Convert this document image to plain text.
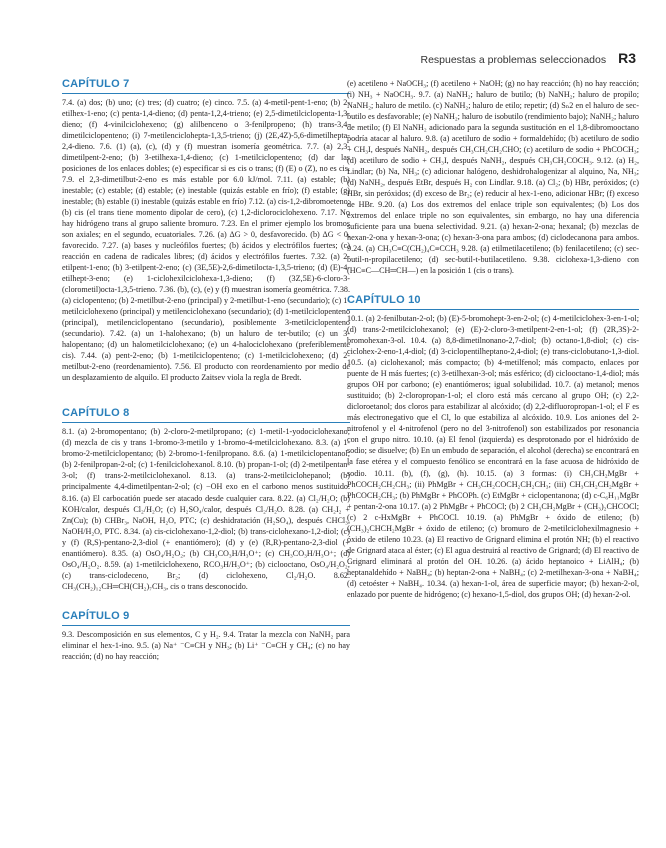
Respuestas a problemas seleccionados R3
CAPÍTULO 7

7.4. (a) dos; (b) uno; (c) tres; (d) cuatro; (e) cinco. 7.5. (a) 4-metil-pent-1-eno; (b) 2-etilhex-1-eno; (c) penta-1,4-dieno; (d) penta-1,2,4-trieno; (e) 2,5-dimetilciclopenta-1,3-dieno; (f) 4-vinilciclohexeno; (g) alilbenceno o 3-fenilpropeno; (h) trans-3,4-dimetilciclopenteno; (i) 7-metilenciclohepta-1,3,5-trieno; (j) (2E,4Z)-5,6-dimetilhepta-2,4-dieno. 7.6. (1) (a), (c), (d) y (f) muestran isomería geométrica. 7.7. (a) 2,3-dimetilpent-2-eno; (b) 3-etilhexa-1,4-dieno; (c) 1-metilciclopenteno; (d) dar las posiciones de los enlaces dobles; (e) especificar si es cis o trans; (f) (E) o (Z), no es cis. 7.9. el 2,3-dimetilbut-2-eno es más estable por 6.0 kJ/mol. 7.11. (a) estable; (b) inestable; (c) estable; (d) estable; (e) inestable (quizás estable en frío); (f) estable; (g) inestable; (h) estable (i) inestable (quizás estable en frío) 7.12. (a) cis-1,2-dibromoeteno; (b) cis (el trans tiene momento dipolar de cero), (c) 1,2-diclorociclohexeno. 7.17. No hay hidrógeno trans al grupo saliente bromuro. 7.23. En el primer ejemplo los bromos son axiales; en el segundo, ecuatoriales. 7.26. (a) ΔG > 0, desfavorecido. (b) ΔG < 0, favorecido. 7.27. (a) bases y nucleófilos fuertes; (b) ácidos y electrófilos fuertes; (c) reacción en cadena de radicales libres; (d) ácidos y electrófilos fuertes. 7.32. (a) 2-etilpent-1-eno; (b) 3-etilpent-2-eno; (c) (3E,5E)-2,6-dimetilocta-1,3,5-trieno; (d) (E)-4-etilhept-3-eno; (e) 1-ciclohexilciclohexa-1,3-dieno; (f) (3Z,5E)-6-cloro-3-(clorometil)octa-1,3,5-trieno. 7.36. (b), (c), (e) y (f) muestran isomería geométrica. 7.38. (a) ciclopenteno; (b) 2-metilbut-2-eno (principal) y 2-metilbut-1-eno (secundario); (c) 1-metilciclohexeno (principal) y metilenciclohexano (secundario); (d) 1-metilciclopenteno (principal), metilenciclopentano (secundario), posiblemente 3-metilciclopenteno (secundario). 7.42. (a) un 1-halohexano; (b) un haluro de ter-butilo; (c) un 3-halopentano; (d) un halometilciclohexano; (e) un 4-halociclohexano (preferiblemente cis). 7.44. (a) pent-2-eno; (b) 1-metilciclopenteno; (c) 1-metilciclohexeno; (d) 2-metilbut-2-eno (reordenamiento). 7.56. El producto con reordenamiento por medio de un desplazamiento de alquilo. El producto Zaitsev viola la regla de Bredt.

CAPÍTULO 8

8.1. (a) 2-bromopentano; (b) 2-cloro-2-metilpropano; (c) 1-metil-1-yodociclohexano; (d) mezcla de cis y trans 1-bromo-3-metilo y 1-bromo-4-metilciclohexano. 8.3. (a) 1-bromo-2-metilciclopentano; (b) 2-bromo-1-fenilpropano. 8.6. (a) 1-metilciclopentanol; (b) 2-fenilpropan-2-ol; (c) 1-fenilciclohexanol. 8.10. (b) propan-1-ol; (d) 2-metilpentan-3-ol; (f) trans-2-metilciclohexanol. 8.13. (a) trans-2-metilciclohepanol; (b) principalmente 4,4-dimetilpentan-2-ol; (c) −OH exo en el carbono menos sustituido. 8.16. (a) El carbocatión puede ser atacado desde cualquier cara. 8.22. (a) Cl₂/H₂O; (b) KOH/calor, después Cl₂/H₂O; (c) H₂SO₄/calor, después Cl₂/H₂O. 8.28. (a) CH₂I₂ + Zn(Cu); (b) CHBr₃, NaOH, H₂O, PTC; (c) deshidratación (H₂SO₄), después CHCl₃, NaOH/H₂O, PTC. 8.34. (a) cis-ciclohexano-1,2-diol; (b) trans-ciclohexano-1,2-diol; (c) y (f) (R,S)-pentano-2,3-diol (+ enantiómero); (d) y (e) (R,R)-pentano-2,3-diol (+ enantiómero). 8.35. (a) OsO₄/H₂O₂; (b) CH₃CO₃H/H₃O⁺; (c) CH₃CO₃H/H₃O⁺; (d) OsO₄/H₂O₂. 8.59. (a) 1-metilciclohexeno, RCO₃H/H₃O⁺; (b) ciclooctano, OsO₄/H₂O₂; (c) trans-ciclodeceno, Br₂; (d) ciclohexeno, Cl₂/H₂O. 8.62. CH₃(CH₂)₁₂CH═CH(CH₂)₇CH₃, cis o trans desconocido.

CAPÍTULO 9

9.3. Descomposición en sus elementos, C y H₂. 9.4. Tratar la mezcla con NaNH₂ para eliminar el hex-1-ino. 9.5. (a) Na⁺ ⁻C≡CH y NH₃; (b) Li⁺ ⁻C≡CH y CH₄; (c) no hay reacción; (d) no hay reacción;

(e) acetileno + NaOCH₃; (f) acetileno + NaOH; (g) no hay reacción; (h) no hay reacción; (i) NH₃ + NaOCH₃. 9.7. (a) NaNH₂; haluro de butilo; (b) NaNH₂; haluro de propilo; NaNH₂; haluro de metilo. (c) NaNH₂; haluro de etilo; repetir; (d) Sₙ2 en el haluro de sec-butilo es desfavorable; (e) NaNH₂; haluro de isobutilo (rendimiento bajo); NaNH₂; haluro de metilo; (f) El NaNH₂ adicionado para la segunda sustitución en el 1,8-dibromooctano podría atacar al haluro. 9.8. (a) acetiluro de sodio + formaldehído; (b) acetiluro de sodio + CH₃I, después NaNH₂, después CH₃CH₂CH₂CHO; (c) acetiluro de sodio + PhCOCH₃; (d) acetiluro de sodio + CH₃I, después NaNH₂, después CH₃CH₂COCH₃. 9.12. (a) H₂, Lindlar; (b) Na, NH₃; (c) adicionar halógeno, deshidrohalogenizar al alquino, Na, NH₃; (d) NaNH₂, después EtBr, después H₂ con Lindlar. 9.18. (a) Cl₂; (b) HBr, peróxidos; (c) HBr, sin peróxidos; (d) exceso de Br₂; (e) reducir al hex-1-eno, adicionar HBr; (f) exceso de HBr. 9.20. (a) Los dos extremos del enlace triple son equivalentes; (b) Los dos extremos del enlace triple no son equivalentes, sin embargo, no hay una diferencia suficiente para una buena selectividad. 9.21. (a) hexan-2-ona; hexanal; (b) mezclas de hexan-2-ona y hexan-3-ona; (c) hexan-3-ona para ambos; (d) ciclodecanona para ambos. 9.24. (a) CH₃C≡C(CH₂)₄C≡CCH₃ 9.28. (a) etilmetilacetileno; (b) fenilacetileno; (c) sec-butil-n-propilacetileno; (d) sec-butil-t-butilacetileno. 9.38. ciclohexa-1,3-dieno con (HC≡C—CH═CH—) en la posición 1 (cis o trans).

CAPÍTULO 10

10.1. (a) 2-fenilbutan-2-ol; (b) (E)-5-bromohept-3-en-2-ol; (c) 4-metilciclohex-3-en-1-ol; (d) trans-2-metilciclohexanol; (e) (E)-2-cloro-3-metilpent-2-en-1-ol; (f) (2R,3S)-2-bromohexan-3-ol. 10.4. (a) 8,8-dimetilnonano-2,7-diol; (b) octano-1,8-diol; (c) cis-ciclohex-2-eno-1,4-diol; (d) 3-ciclopentilheptano-2,4-diol; (e) trans-ciclobutano-1,3-diol. 10.5. (a) ciclohexanol; más compacto; (b) 4-metilfenol; más compacto, enlaces por puente de H más fuertes; (c) 3-etilhexan-3-ol; más esférico; (d) ciclooctano-1,4-diol; más grupos OH por carbono; (e) enantiómeros; igual solubilidad. 10.7. (a) metanol; menos sustituido; (b) 2-cloropropan-1-ol; el cloro está más cercano al grupo OH; (c) 2,2-dicloroetanol; dos cloros para estabilizar al alcóxido; (d) 2,2-difluoropropan-1-ol; el F es más electronegativo que el Cl, lo que estabiliza al alcóxido. 10.9. Los aniones del 2-nitrofenol y el 4-nitrofenol (pero no del 3-nitrofenol) son estabilizados por resonancia con el grupo nitro. 10.10. (a) El fenol (izquierda) es desprotonado por el hidróxido de sodio; se disuelve; (b) En un embudo de separación, el alcohol (derecha) se encontrará en la fase etérea y el compuesto fenólico se encontrará en la fase acuosa de hidróxido de sodio. 10.11. (b), (f), (g), (h). 10.15. (a) 3 formas: (i) CH₃CH₂MgBr + PhCOCH₂CH₂CH₃; (ii) PhMgBr + CH₃CH₂COCH₂CH₂CH₃; (iii) CH₃CH₂CH₂MgBr + PhCOCH₂CH₃; (b) PhMgBr + PhCOPh. (c) EtMgBr + ciclopentanona; (d) c-C₆H₁₁MgBr + pentan-2-ona 10.17. (a) 2 PhMgBr + PhCOCl; (b) 2 CH₃CH₂MgBr + (CH₃)₂CHCOCl; (c) 2 c-HxMgBr + PhCOCl. 10.19. (a) PhMgBr + óxido de etileno; (b) (CH₃)₂CHCH₂MgBr + óxido de etileno; (c) bromuro de 2-metilciclohexilmagnesio + óxido de etileno 10.23. (a) El reactivo de Grignard elimina el protón NH; (b) el reactivo de Grignard ataca al éster; (c) El agua destruirá al reactivo de Grignard; (d) El reactivo de Grignard eliminará al protón del OH. 10.26. (a) ácido heptanoico + LiAlH₄; (b) heptanaldehído + NaBH₄; (b) heptan-2-ona + NaBH₄; (c) 2-metilhexan-3-ona + NaBH₄; (d) cetoéster + NaBH₄. 10.34. (a) hexan-1-ol, área de superficie mayor; (b) hexan-2-ol, enlazado por puente de hidrógeno; (c) hexano-1,5-diol, dos grupos OH; (d) hexan-2-ol.
